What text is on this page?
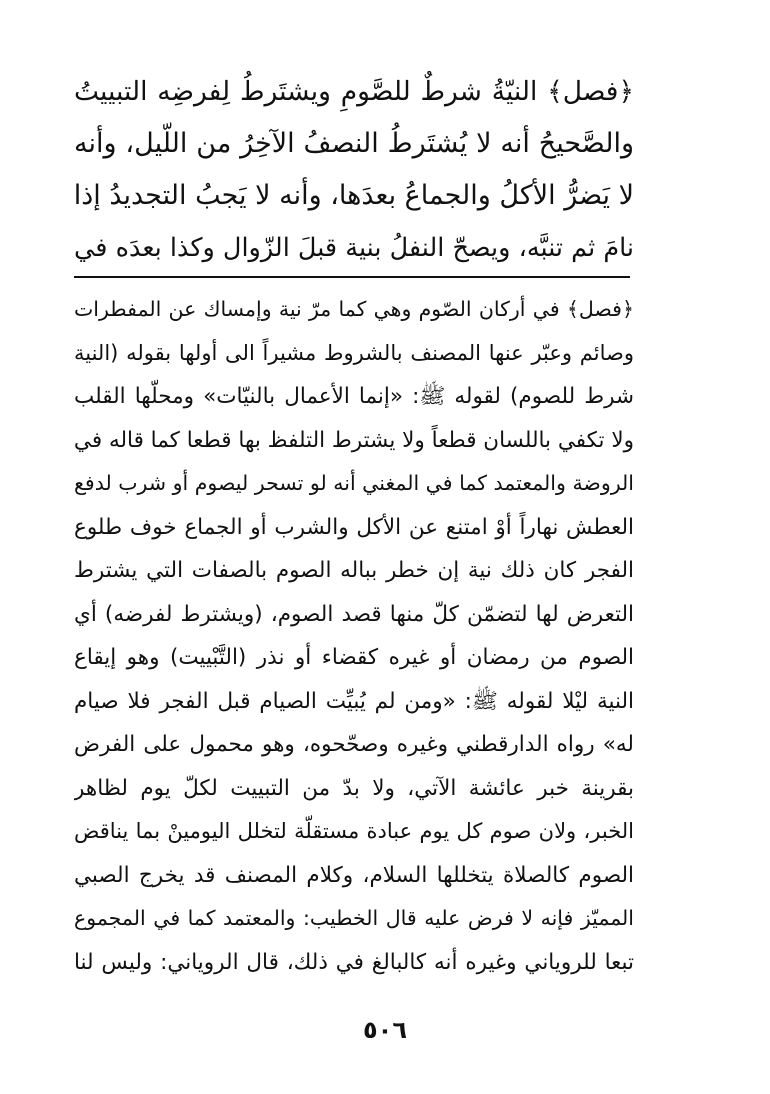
﴿فصل﴾ النيّةُ شرطٌ للصَّومِ ويشتَرطُ لِفرضِه التبييتُ
والصَّحيحُ أنه لا يُشتَرطُ النصفُ الآخِرُ من اللّيل، وأنه
لا يَضرُّ الأكلُ والجماعُ بعدَها، وأنه لا يَجبُ التجديدُ إذا
نامَ ثم تنبَّه، ويصحّ النفلُ بنية قبلَ الزّوال وكذا بعدَه في
﴿فصل﴾ في أركان الصّوم وهي كما مرّ نية وإمساك عن المفطرات
وصائم وعبّر عنها المصنف بالشروط مشيراً الى أولها بقوله (النية
شرط للصوم) لقوله ﷺ: «إنما الأعمال بالنيّات» ومحلّها القلب
ولا تكفي باللسان قطعاً ولا يشترط التلفظ بها قطعا كما قاله في
الروضة والمعتمد كما في المغني أنه لو تسحر ليصوم أو شرب لدفع
العطش نهاراً أوْ امتنع عن الأكل والشرب أو الجماع خوف طلوع
الفجر كان ذلك نية إن خطر بباله الصوم بالصفات التي يشترط
التعرض لها لتضمّن كلّ منها قصد الصوم، (ويشترط لفرضه) أي
الصوم من رمضان أو غيره كقضاء أو نذر (التَّبْييت) وهو إيقاع
النية ليْلا لقوله ﷺ: «ومن لم يُبيِّت الصيام قبل الفجر فلا صيام
له» رواه الدارقطني وغيره وصحّحوه، وهو محمول على الفرض
بقرينة خبر عائشة الآتي، ولا بدّ من التبييت لكلّ يوم لظاهر
الخبر، ولان صوم كل يوم عبادة مستقلّة لتخلل اليومينْ بما يناقض
الصوم كالصلاة يتخللها السلام، وكلام المصنف قد يخرج الصبي
المميّز فإنه لا فرض عليه قال الخطيب: والمعتمد كما في المجموع
تبعا للروياني وغيره أنه كالبالغ في ذلك، قال الروياني: وليس لنا
٥٠٦
